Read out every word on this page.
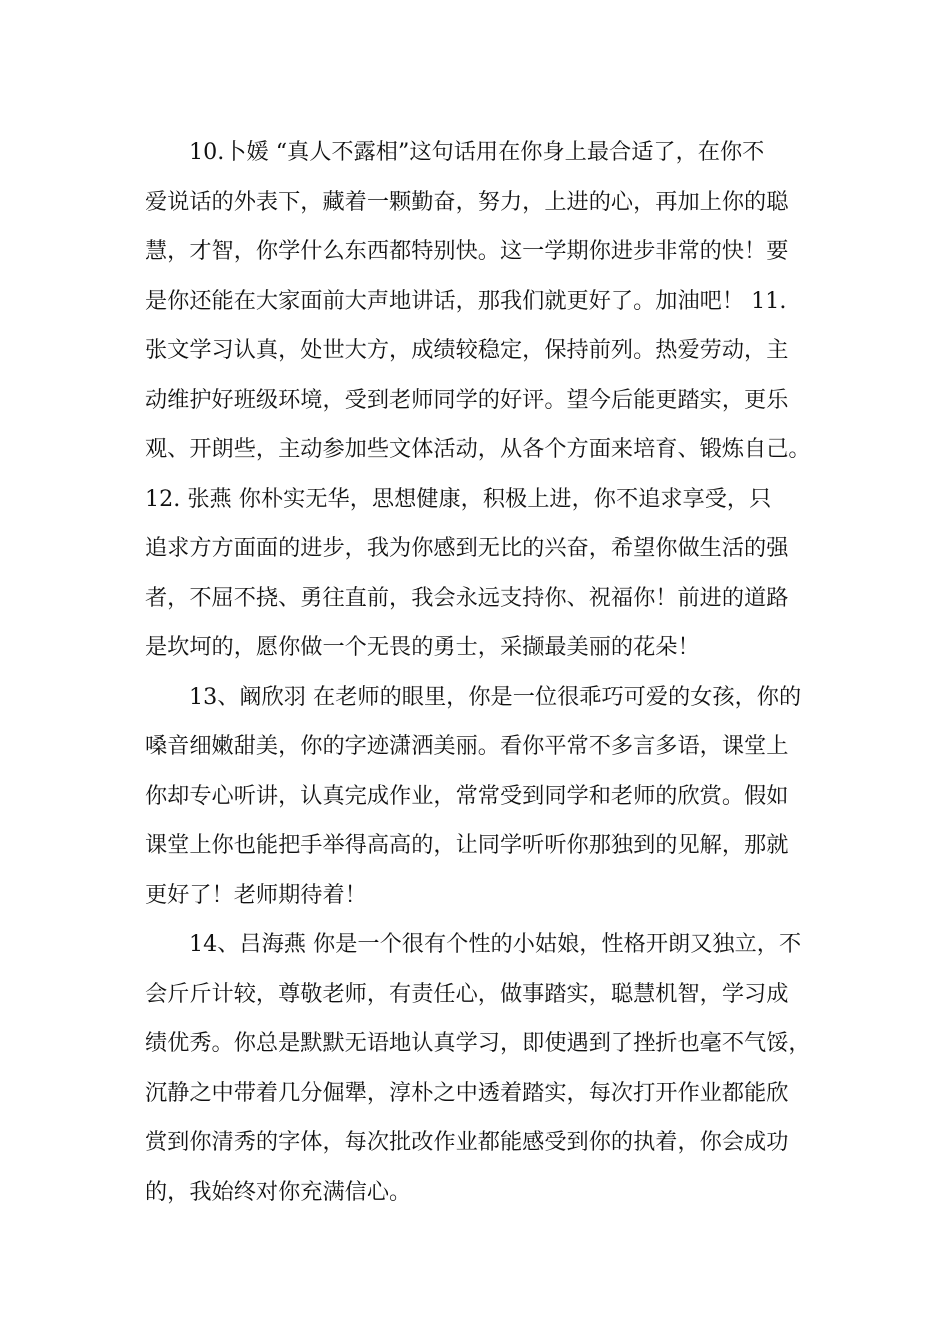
10.卜媛 “真人不露相”这句话用在你身上最合适了，在你不
爱说话的外表下，藏着一颗勤奋，努力，上进的心，再加上你的聪
慧，才智，你学什么东西都特别快。这一学期你进步非常的快！要
是你还能在大家面前大声地讲话，那我们就更好了。加油吧！ 11.
张文学习认真，处世大方，成绩较稳定，保持前列。热爱劳动，主
动维护好班级环境，受到老师同学的好评。望今后能更踏实，更乐
观、开朗些，主动参加些文体活动，从各个方面来培育、锻炼自己。
12. 张燕 你朴实无华，思想健康，积极上进，你不追求享受，只
追求方方面面的进步，我为你感到无比的兴奋，希望你做生活的强
者，不屈不挠、勇往直前，我会永远支持你、祝福你！前进的道路
是坎坷的，愿你做一个无畏的勇士，采撷最美丽的花朵！
13、阚欣羽 在老师的眼里，你是一位很乖巧可爱的女孩，你的
嗓音细嫩甜美，你的字迹潇洒美丽。看你平常不多言多语，课堂上
你却专心听讲，认真完成作业，常常受到同学和老师的欣赏。假如
课堂上你也能把手举得高高的，让同学听听你那独到的见解，那就
更好了！老师期待着！
14、吕海燕 你是一个很有个性的小姑娘，性格开朗又独立，不
会斤斤计较，尊敬老师，有责任心，做事踏实，聪慧机智，学习成
绩优秀。你总是默默无语地认真学习，即使遇到了挫折也毫不气馁，
沉静之中带着几分倔犟，淳朴之中透着踏实，每次打开作业都能欣
赏到你清秀的字体，每次批改作业都能感受到你的执着，你会成功
的，我始终对你充满信心。
